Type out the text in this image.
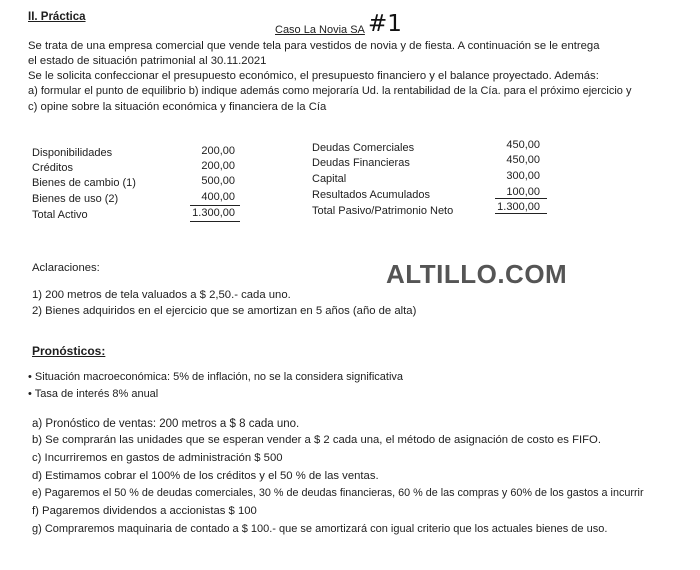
II. Práctica
Caso La Novia SA #1
Se trata de una empresa comercial que vende tela para vestidos de novia y de fiesta. A continuación se le entrega
el estado de situación patrimonial al 30.11.2021
Se le solicita confeccionar el presupuesto económico, el presupuesto financiero y el balance proyectado. Además:
a) formular el punto de equilibrio b) indique además como mejoraría Ud. la rentabilidad de la Cía. para el próximo ejercicio y
c) opine sobre la situación económica y financiera de la Cía
Disponibilidades	200,00
Créditos	200,00
Bienes de cambio (1)	500,00
Bienes de uso (2)	400,00
Total Activo	1.300,00
Deudas Comerciales	450,00
Deudas Financieras	450,00
Capital	300,00
Resultados Acumulados	100,00
Total Pasivo/Patrimonio Neto	1.300,00
Aclaraciones:	ALTILLO.COM
1) 200 metros de tela valuados a $ 2,50.- cada uno.
2) Bienes adquiridos en el ejercicio que se amortizan en 5 años (año de alta)
Pronósticos:
• Situación macroeconómica: 5% de inflación, no se la considera significativa
• Tasa de interés 8% anual
a) Pronóstico de ventas: 200 metros a $ 8 cada uno.
b) Se comprarán las unidades que se esperan vender a $ 2 cada una, el método de asignación de costo es FIFO.
c) Incurriremos en gastos de administración $ 500
d) Estimamos cobrar el 100% de los créditos y el 50 % de las ventas.
e) Pagaremos el 50 % de deudas comerciales, 30 % de deudas financieras, 60 % de las compras y 60% de los gastos a incurrir
f) Pagaremos dividendos a accionistas $ 100
g) Compraremos maquinaria de contado a $ 100.- que se amortizará con igual criterio que los actuales bienes de uso.
